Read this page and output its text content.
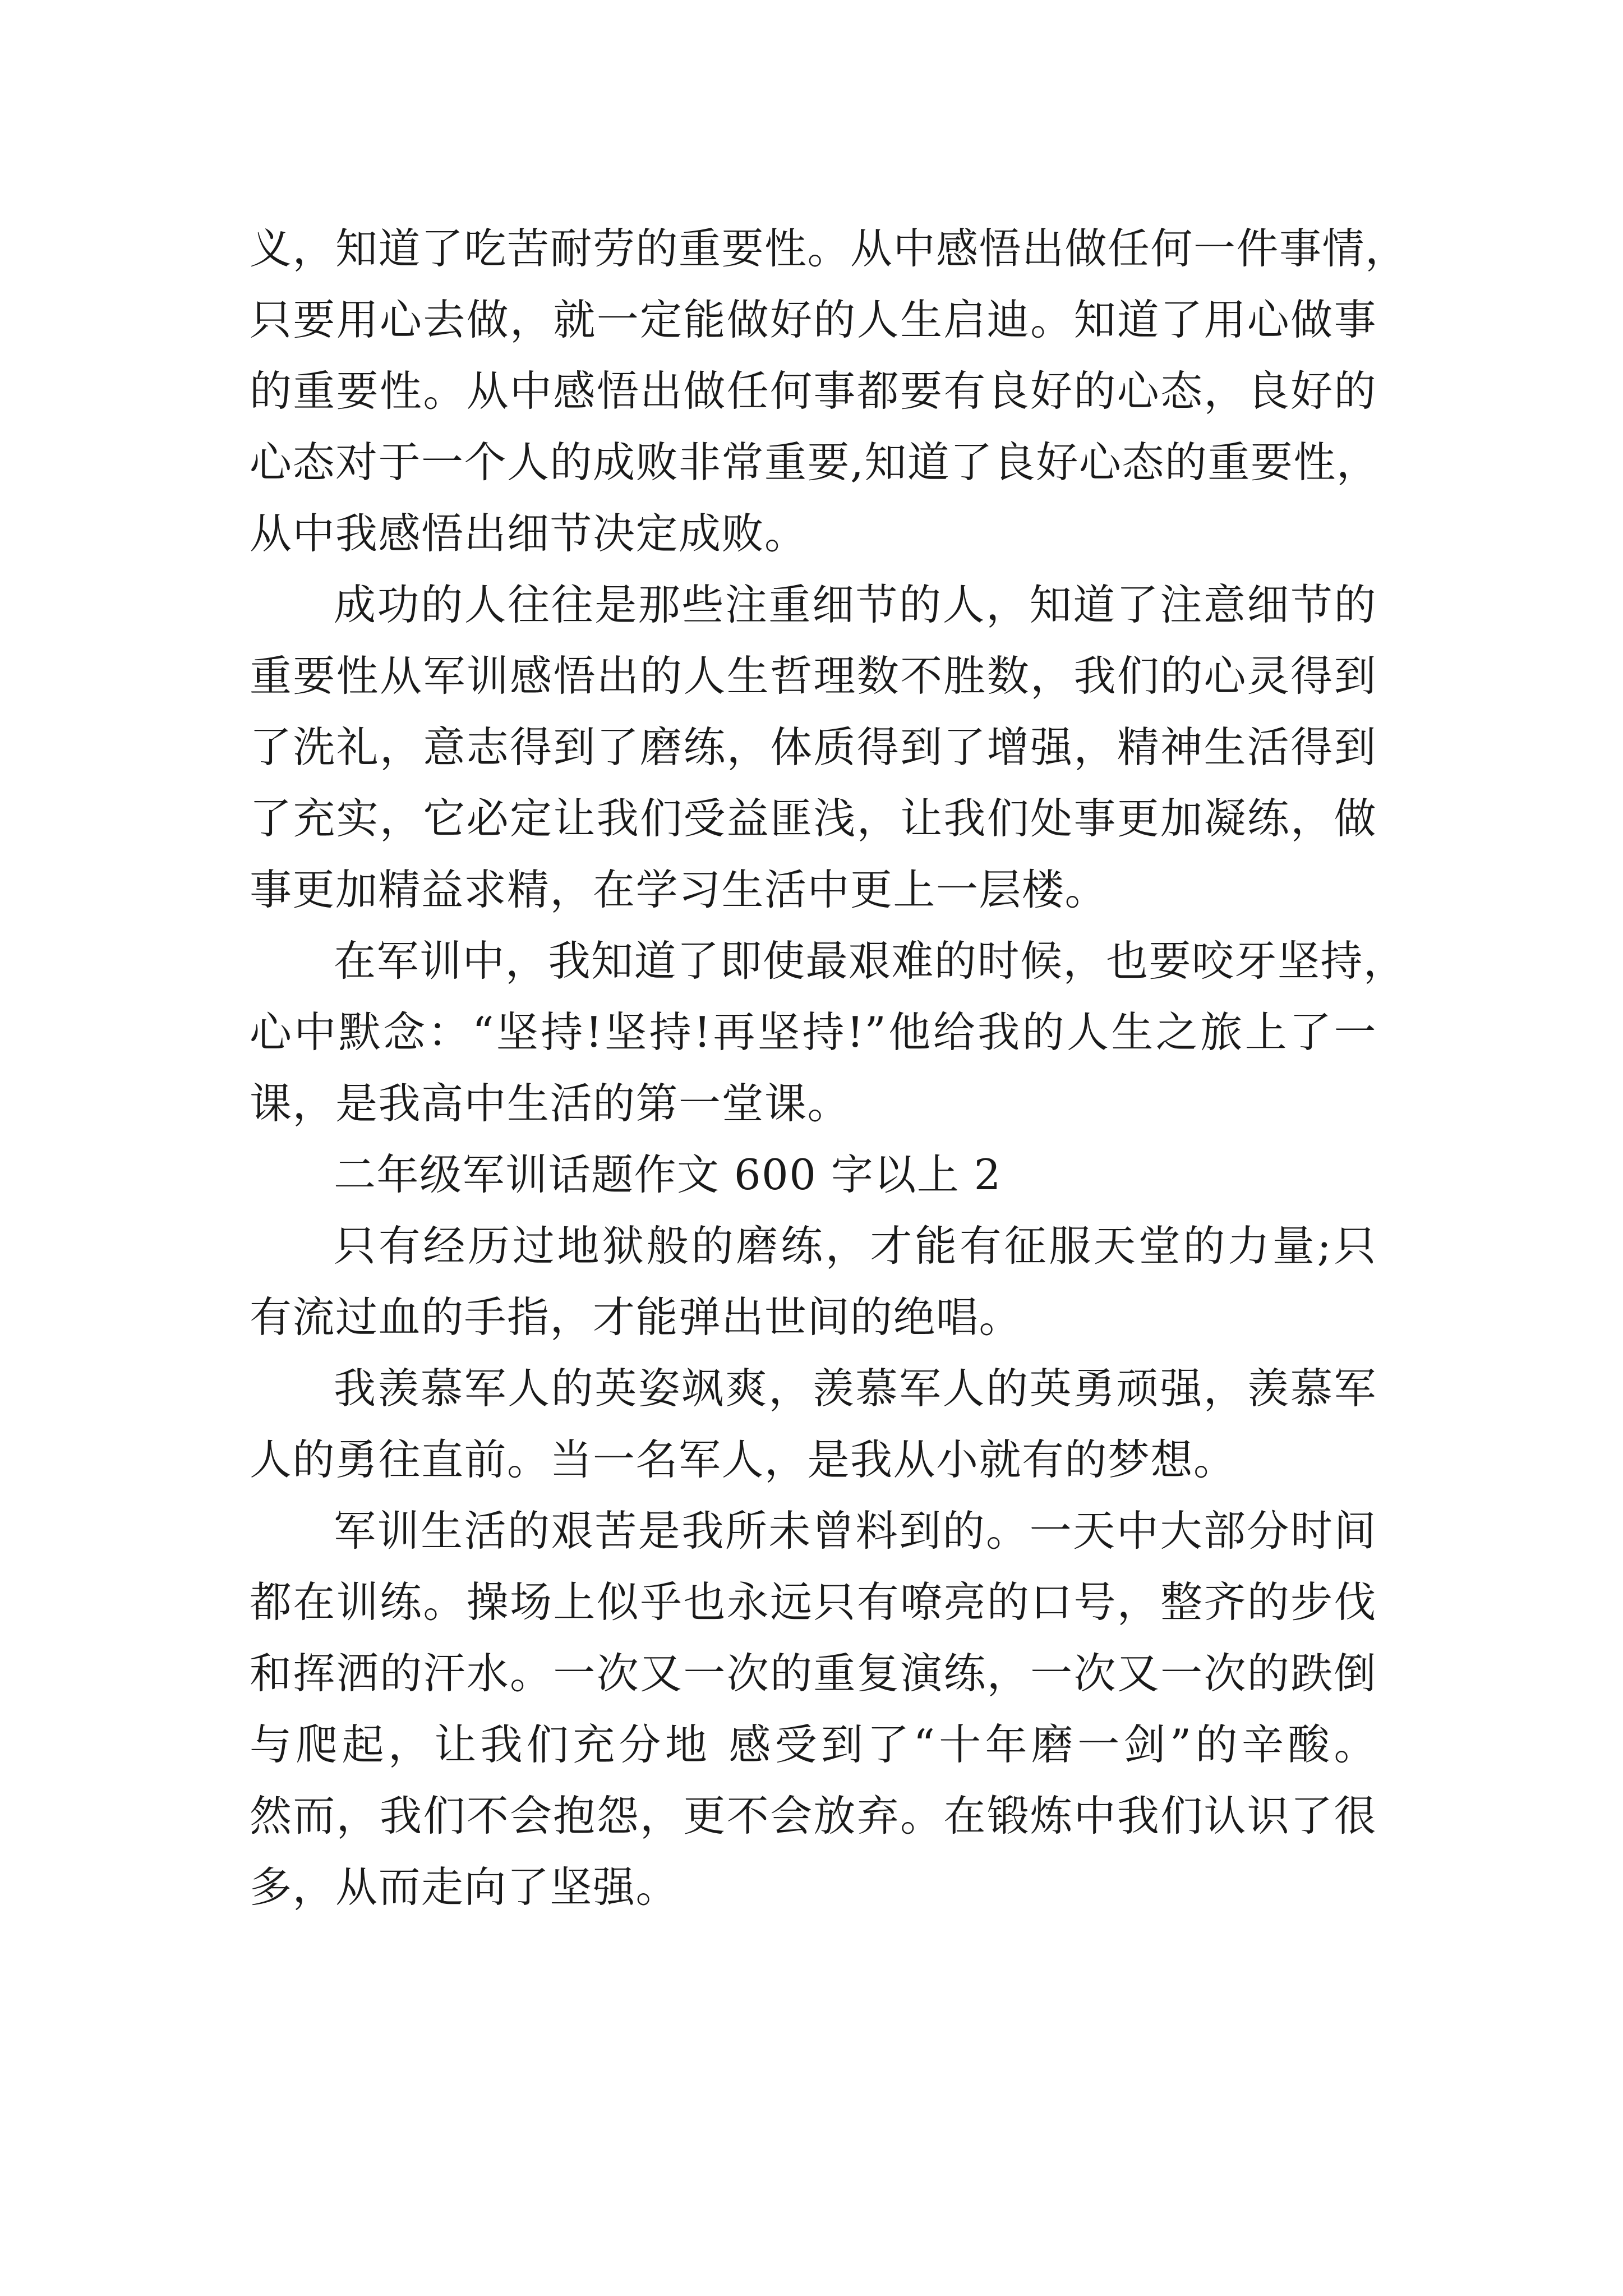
义，知道了吃苦耐劳的重要性。从中感悟出做任何一件事情，
只要用心去做，就一定能做好的人生启迪。知道了用心做事
的重要性。从中感悟出做任何事都要有良好的心态，良好的
心态对于一个人的成败非常重要,知道了良好心态的重要性，
从中我感悟出细节决定成败。
成功的人往往是那些注重细节的人，知道了注意细节的
重要性从军训感悟出的人生哲理数不胜数，我们的心灵得到
了洗礼，意志得到了磨练，体质得到了增强，精神生活得到
了充实，它必定让我们受益匪浅，让我们处事更加凝练，做
事更加精益求精，在学习生活中更上一层楼。
在军训中，我知道了即使最艰难的时候，也要咬牙坚持，
心中默念：“坚持!坚持!再坚持!”他给我的人生之旅上了一
课，是我高中生活的第一堂课。
二年级军训话题作文 600 字以上 2
只有经历过地狱般的磨练，才能有征服天堂的力量;只
有流过血的手指，才能弹出世间的绝唱。
我羡慕军人的英姿飒爽，羡慕军人的英勇顽强，羡慕军
人的勇往直前。当一名军人，是我从小就有的梦想。
军训生活的艰苦是我所未曾料到的。一天中大部分时间
都在训练。操场上似乎也永远只有嘹亮的口号，整齐的步伐
和挥洒的汗水。一次又一次的重复演练，一次又一次的跌倒
与爬起，让我们充分地 感受到了“十年磨一剑”的辛酸。
然而，我们不会抱怨，更不会放弃。在锻炼中我们认识了很
多，从而走向了坚强。
